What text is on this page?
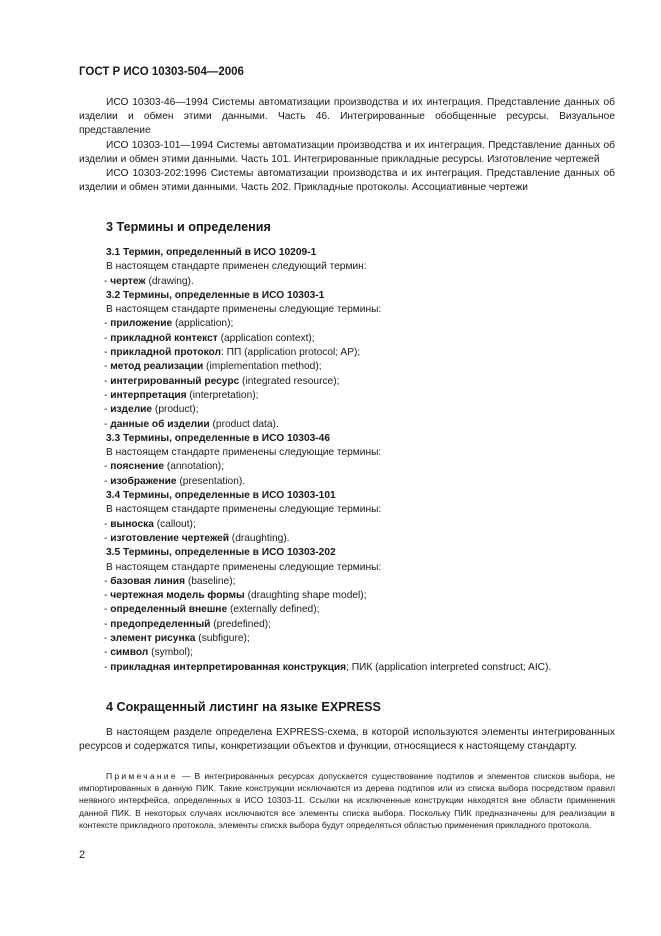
ГОСТ Р ИСО 10303-504—2006

ИСО 10303-46—1994 Системы автоматизации производства и их интеграция. Представление данных об изделии и обмен этими данными. Часть 46. Интегрированные обобщенные ресурсы. Визуальное представление

ИСО 10303-101—1994 Системы автоматизации производства и их интеграция. Представление данных об изделии и обмен этими данными. Часть 101. Интегрированные прикладные ресурсы. Изготовление чертежей

ИСО 10303-202:1996 Системы автоматизации производства и их интеграция. Представление данных об изделии и обмен этими данными. Часть 202. Прикладные протоколы. Ассоциативные чертежи

3 Термины и определения
3.1 Термин, определенный в ИСО 10209-1
В настоящем стандарте применен следующий термин:
- чертеж (drawing).
3.2 Термины, определенные в ИСО 10303-1
В настоящем стандарте применены следующие термины:
- приложение (application);
- прикладной контекст (application context);
- прикладной протокол: ПП (application protocol; AP);
- метод реализации (implementation method);
- интегрированный ресурс (integrated resource);
- интерпретация (interpretation);
- изделие (product);
- данные об изделии (product data).
3.3 Термины, определенные в ИСО 10303-46
В настоящем стандарте применены следующие термины:
- пояснение (annotation);
- изображение (presentation).
3.4 Термины, определенные в ИСО 10303-101
В настоящем стандарте применены следующие термины:
- выноска (callout);
- изготовление чертежей (draughting).
3.5 Термины, определенные в ИСО 10303-202
В настоящем стандарте применены следующие термины:
- базовая линия (baseline);
- чертежная модель формы (draughting shape model);
- определенный внешне (externally defined);
- предопределенный (predefined);
- элемент рисунка (subfigure);
- символ (symbol);
- прикладная интерпретированная конструкция; ПИК (application interpreted construct; AIC).
4 Сокращенный листинг на языке EXPRESS

В настоящем разделе определена EXPRESS-схема, в которой используются элементы интегрированных ресурсов и содержатся типы, конкретизации объектов и функции, относящиеся к настоящему стандарту.

Примечание — В интегрированных ресурсах допускается существование подтипов и элементов списков выбора, не импортированных в данную ПИК. Такие конструкции исключаются из дерева подтипов или из списка выбора посредством правил неявного интерфейса, определенных в ИСО 10303-11. Ссылки на исключенные конструкции находятся вне области применения данной ПИК. В некоторых случаях исключаются все элементы списка выбора. Поскольку ПИК предназначены для реализации в контексте прикладного протокола, элементы списка выбора будут определяться областью применения прикладного протокола.

2
